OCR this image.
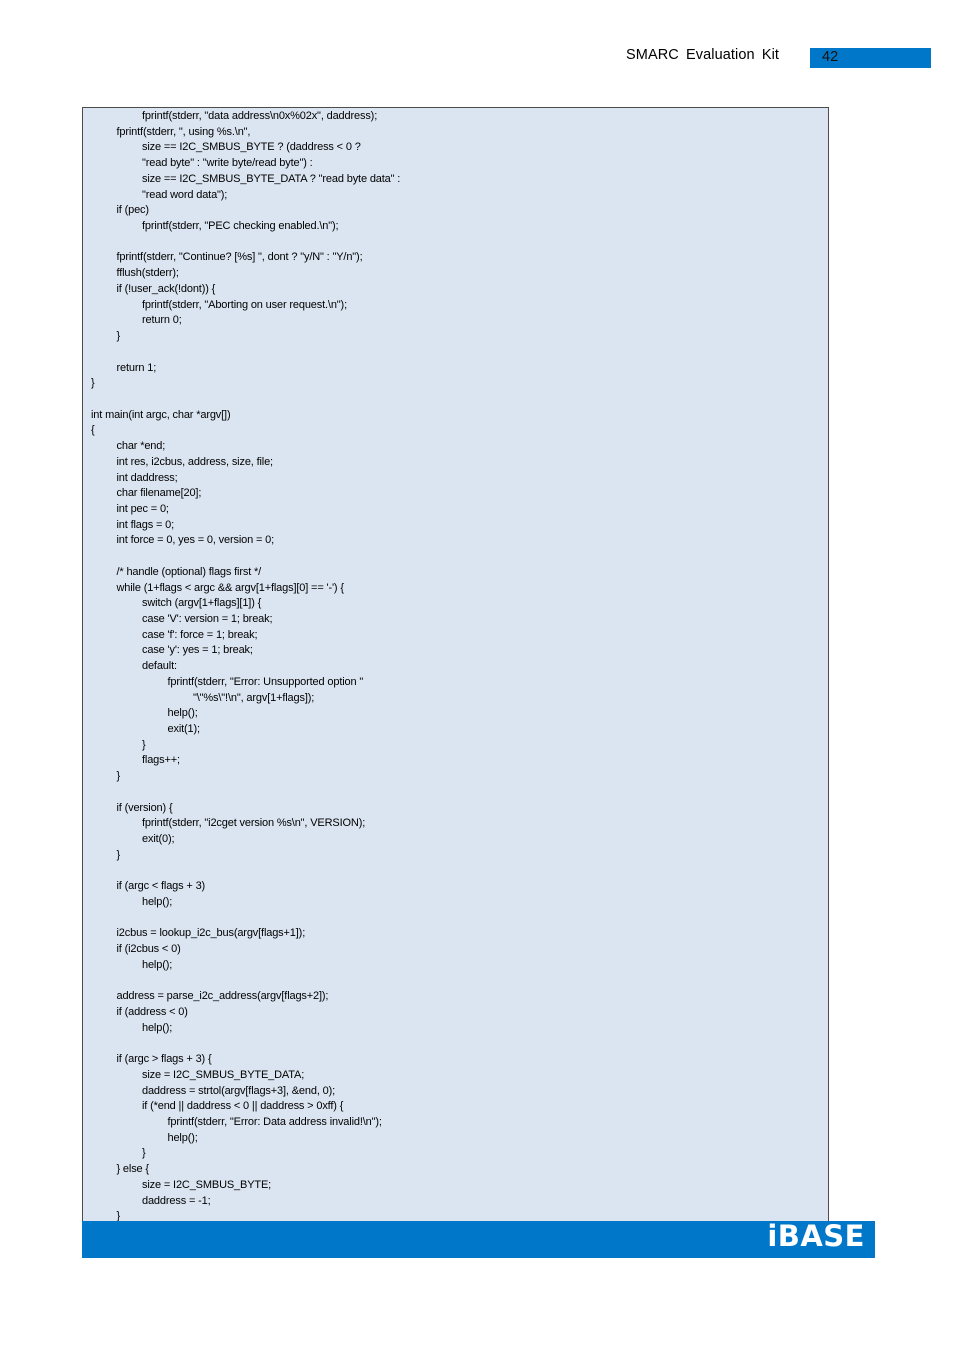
SMARC Evaluation Kit	42
fprintf(stderr, "data address\n0x%02x", daddress);
fprintf(stderr, ", using %s.\n",
size == I2C_SMBUS_BYTE ? (daddress < 0 ?
"read byte" : "write byte/read byte") :
size == I2C_SMBUS_BYTE_DATA ? "read byte data" :
"read word data");
if (pec)
fprintf(stderr, "PEC checking enabled.\n");
fprintf(stderr, "Continue? [%s] ", dont ? "y/N" : "Y/n");
fflush(stderr);
if (!user_ack(!dont)) {
fprintf(stderr, "Aborting on user request.\n");
return 0;
}
return 1;
}
int main(int argc, char *argv[])
{
char *end;
int res, i2cbus, address, size, file;
int daddress;
char filename[20];
int pec = 0;
int flags = 0;
int force = 0, yes = 0, version = 0;
/* handle (optional) flags first */
while (1+flags < argc && argv[1+flags][0] == '-') {
switch (argv[1+flags][1]) {
case 'V': version = 1; break;
case 'f': force = 1; break;
case 'y': yes = 1; break;
default:
fprintf(stderr, "Error: Unsupported option "
"\"%s\"!\n", argv[1+flags]);
help();
exit(1);
}
flags++;
}
if (version) {
fprintf(stderr, "i2cget version %s\n", VERSION);
exit(0);
}
if (argc < flags + 3)
help();
i2cbus = lookup_i2c_bus(argv[flags+1]);
if (i2cbus < 0)
help();
address = parse_i2c_address(argv[flags+2]);
if (address < 0)
help();
if (argc > flags + 3) {
size = I2C_SMBUS_BYTE_DATA;
daddress = strtol(argv[flags+3], &end, 0);
if (*end || daddress < 0 || daddress > 0xff) {
fprintf(stderr, "Error: Data address invalid!\n");
help();
}
} else {
size = I2C_SMBUS_BYTE;
daddress = -1;
}
iBASE
